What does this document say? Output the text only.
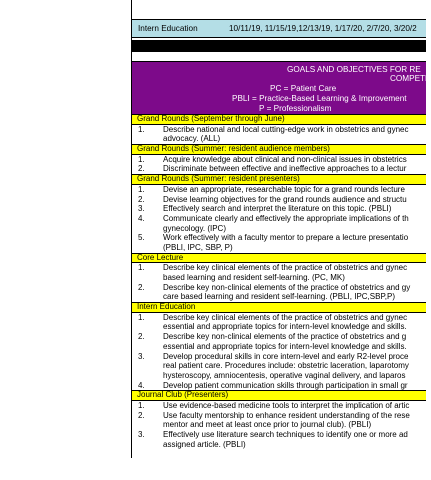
Intern Education	10/11/19, 11/15/19,12/13/19, 1/17/20, 2/7/20, 3/20/2
GOALS AND OBJECTIVES FOR RE
COMPETE
PC = Patient Care
PBLI = Practice-Based Learning & Improvement
P = Professionalism
Grand Rounds (September through June)
1. Describe national and local cutting-edge work in obstetrics and gynec
advocacy. (ALL)
Grand Rounds (Summer: resident audience members)
1. Acquire knowledge about clinical and non-clinical issues in obstetrics
2. Discriminate between effective and ineffective approaches to a lectur
Grand Rounds (Summer: resident presenters)
1. Devise an appropriate, researchable topic for a grand rounds lecture
2. Devise learning objectives for the grand rounds audience and structu
3. Effectively search and interpret the literature on this topic. (PBLI)
4. Communicate clearly and effectively the appropriate implications of th
gynecology. (IPC)
5. Work effectively with a faculty mentor to prepare a lecture presentatio
(PBLI, IPC, SBP, P)
Core Lecture
1. Describe key clinical elements of the practice of obstetrics and gynec
based learning and resident self-learning. (PC, MK)
2. Describe key non-clinical elements of the practice of obstetrics and gy
care based learning and resident self-learning. (PBLI, IPC,SBP,P)
Intern Education
1. Describe key clinical elements of the practice of obstetrics and gynec
essential and appropriate topics for intern-level knowledge and skills.
2. Describe key non-clinical elements of the practice of obstetrics and g
essential and appropriate topics for intern-level knowledge and skills.
3. Develop procedural skills in core intern-level and early R2-level proce
real patient care. Procedures include: obstetric laceration, laparotomy
hysteroscopy, amniocentesis, operative vaginal delivery, and laparos
4. Develop patient communication skills through participation in small gr
Journal Club (Presenters)
1. Use evidence-based medicine tools to interpret the implication of artic
2. Use faculty mentorship to enhance resident understanding of the rese
mentor and meet at least once prior to journal club). (PBLI)
3. Effectively use literature search techniques to identify one or more ad
assigned article. (PBLI)
